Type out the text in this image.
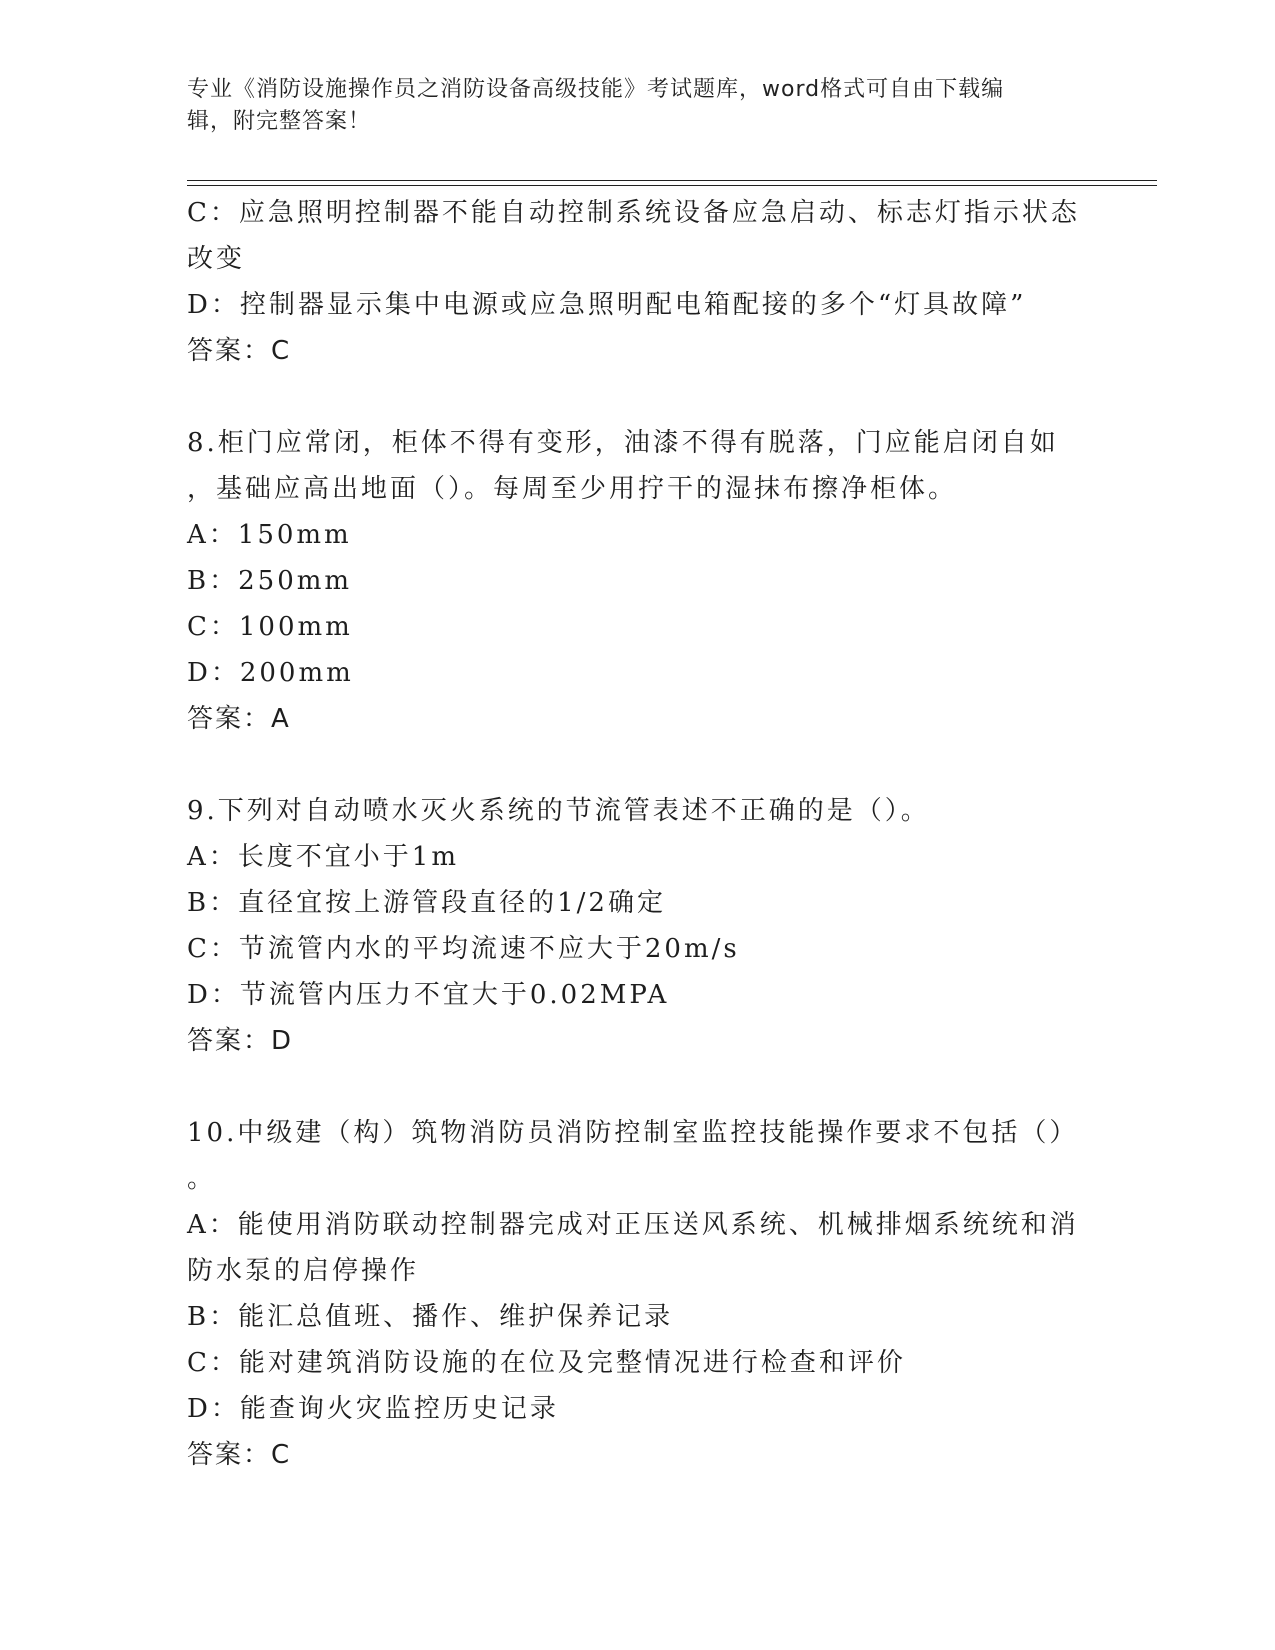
专业《消防设施操作员之消防设备高级技能》考试题库，word格式可自由下载编
辑，附完整答案！
C：应急照明控制器不能自动控制系统设备应急启动、标志灯指示状态
改变
D：控制器显示集中电源或应急照明配电箱配接的多个“灯具故障”
答案：C
8.柜门应常闭，柜体不得有变形，油漆不得有脱落，门应能启闭自如
，基础应高出地面（）。每周至少用拧干的湿抹布擦净柜体。
A：150mm
B：250mm
C：100mm
D：200mm
答案：A
9.下列对自动喷水灭火系统的节流管表述不正确的是（）。
A：长度不宜小于1m
B：直径宜按上游管段直径的1/2确定
C：节流管内水的平均流速不应大于20m/s
D：节流管内压力不宜大于0.02MPA
答案：D
10.中级建（构）筑物消防员消防控制室监控技能操作要求不包括（）
。
A：能使用消防联动控制器完成对正压送风系统、机械排烟系统统和消
防水泵的启停操作
B：能汇总值班、播作、维护保养记录
C：能对建筑消防设施的在位及完整情况进行检查和评价
D：能查询火灾监控历史记录
答案：C
